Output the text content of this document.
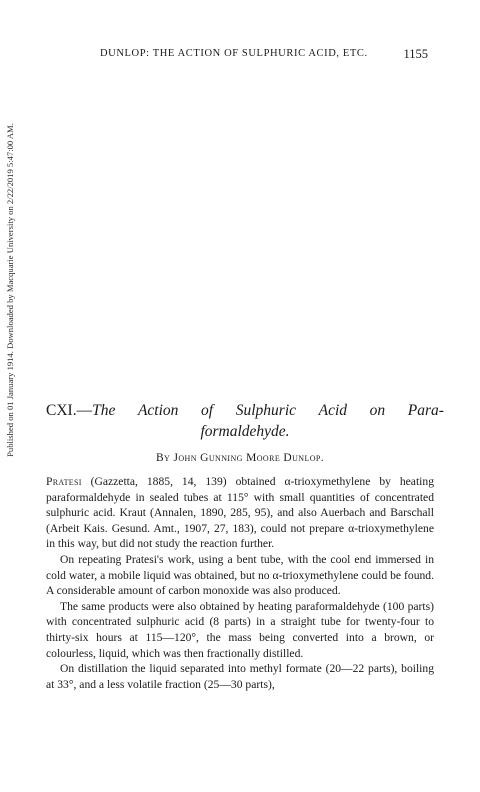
DUNLOP: THE ACTION OF SULPHURIC ACID, ETC.	1155
Published on 01 January 1914. Downloaded by Macquarie University on 2/22/2019 5:47:00 AM. CXI.—The Action of Sulphuric Acid on Para-
formaldehyde.
By John Gunning Moore Dunlop.

Pratesi (Gazzetta, 1885, 14, 139) obtained α-trioxymethylene by heating paraformaldehyde in sealed tubes at 115° with small quantities of concentrated sulphuric acid. Kraut (Annalen, 1890, 285, 95), and also Auerbach and Barschall (Arbeit Kais. Gesund. Amt., 1907, 27, 183), could not prepare α-trioxymethylene in this way, but did not study the reaction further.

On repeating Pratesi's work, using a bent tube, with the cool end immersed in cold water, a mobile liquid was obtained, but no α-trioxymethylene could be found. A considerable amount of carbon monoxide was also produced.

The same products were also obtained by heating paraformaldehyde (100 parts) with concentrated sulphuric acid (8 parts) in a straight tube for twenty-four to thirty-six hours at 115—120°, the mass being converted into a brown, or colourless, liquid, which was then fractionally distilled.

On distillation the liquid separated into methyl formate (20—22 parts), boiling at 33°, and a less volatile fraction (25—30 parts),
